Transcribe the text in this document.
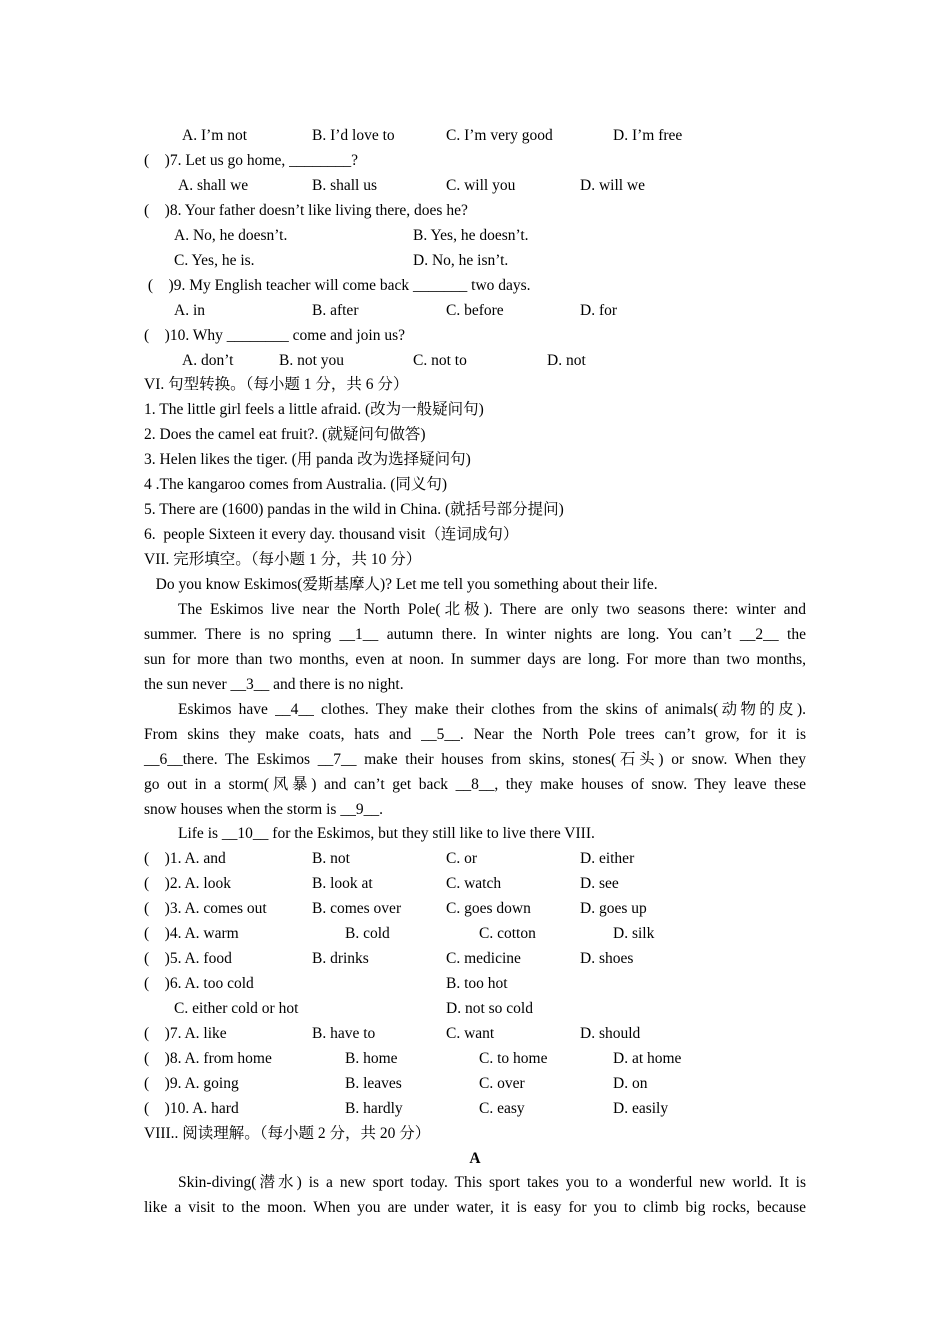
A. I’m not	B. I’d love to	C. I’m very good	D. I’m free
(    )7. Let us go home, ________?
A. shall we	B. shall us	C. will you	D. will we
(    )8. Your father doesn’t like living there, does he?
A. No, he doesn’t.	B. Yes, he doesn’t.
C. Yes, he is.	D. No, he isn’t.
(    )9. My English teacher will come back _______ two days.
A. in	B. after	C. before	D. for
(    )10. Why ________ come and join us?
A. don’t	B. not you	C. not to	D. not
VI. 句型转换。（每小题 1 分，共 6 分）
1. The little girl feels a little afraid. (改为一般疑问句)
2. Does the camel eat fruit?. (就疑问句做答)
3. Helen likes the tiger. (用 panda 改为选择疑问句)
4 .The kangaroo comes from Australia. (同义句)
5. There are (1600) pandas in the wild in China. (就括号部分提问)
6.  people Sixteen it every day. thousand visit（连词成句）
VII. 完形填空。（每小题 1 分，共 10 分）
Do you know Eskimos(爱斯基摩人)? Let me tell you something about their life.
The Eskimos live near the North Pole(北极). There are only two seasons there: winter and
summer. There is no spring __1__ autumn there. In winter nights are long. You can’t __2__ the
sun for more than two months, even at noon. In summer days are long. For more than two months,
the sun never __3__ and there is no night.
Eskimos have __4__ clothes. They make their clothes from the skins of animals(动物的皮).
From skins they make coats, hats and __5__. Near the North Pole trees can’t grow, for it is
__6__there. The Eskimos __7__ make their houses from skins, stones(石头) or snow. When they
go out in a storm(风暴) and can’t get back __8__, they make houses of snow. They leave these
snow houses when the storm is __9__.
Life is __10__ for the Eskimos, but they still like to live there VIII.
(    )1. A. and	B. not	C. or	D. either
(    )2. A. look	B. look at	C. watch	D. see
(    )3. A. comes out	B. comes over	C. goes down	D. goes up
(    )4. A. warm	B. cold	C. cotton	D. silk
(    )5. A. food	B. drinks	C. medicine	D. shoes
(    )6. A. too cold	B. too hot
C. either cold or hot	D. not so cold
(    )7. A. like	B. have to	C. want	D. should
(    )8. A. from home	B. home	C. to home	D. at home
(    )9. A. going	B. leaves	C. over	D. on
(    )10. A. hard	B. hardly	C. easy	D. easily
VIII.. 阅读理解。（每小题 2 分，共 20 分）
A
Skin-diving(潜水) is a new sport today. This sport takes you to a wonderful new world. It is
like a visit to the moon. When you are under water, it is easy for you to climb big rocks, because
